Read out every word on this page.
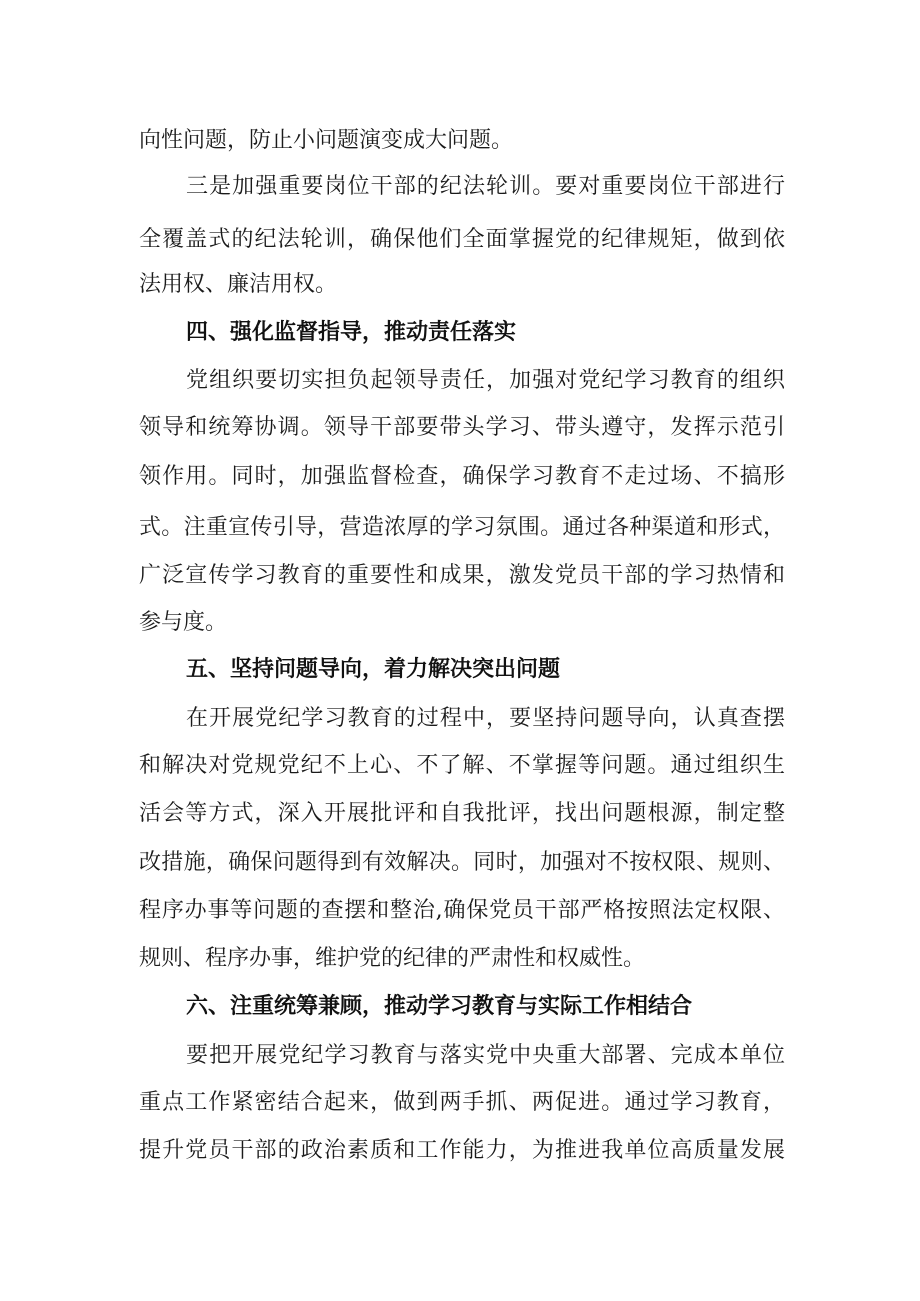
向性问题，防止小问题演变成大问题。

三是加强重要岗位干部的纪法轮训。要对重要岗位干部进行

全覆盖式的纪法轮训，确保他们全面掌握党的纪律规矩，做到依

法用权、廉洁用权。

四、强化监督指导，推动责任落实

党组织要切实担负起领导责任，加强对党纪学习教育的组织

领导和统筹协调。领导干部要带头学习、带头遵守，发挥示范引

领作用。同时，加强监督检查，确保学习教育不走过场、不搞形

式。注重宣传引导，营造浓厚的学习氛围。通过各种渠道和形式，

广泛宣传学习教育的重要性和成果，激发党员干部的学习热情和

参与度。

五、坚持问题导向，着力解决突出问题

在开展党纪学习教育的过程中，要坚持问题导向，认真查摆

和解决对党规党纪不上心、不了解、不掌握等问题。通过组织生

活会等方式，深入开展批评和自我批评，找出问题根源，制定整

改措施，确保问题得到有效解决。同时，加强对不按权限、规则、

程序办事等问题的查摆和整治,确保党员干部严格按照法定权限、

规则、程序办事，维护党的纪律的严肃性和权威性。

六、注重统筹兼顾，推动学习教育与实际工作相结合

要把开展党纪学习教育与落实党中央重大部署、完成本单位

重点工作紧密结合起来，做到两手抓、两促进。通过学习教育，

提升党员干部的政治素质和工作能力，为推进我单位高质量发展
